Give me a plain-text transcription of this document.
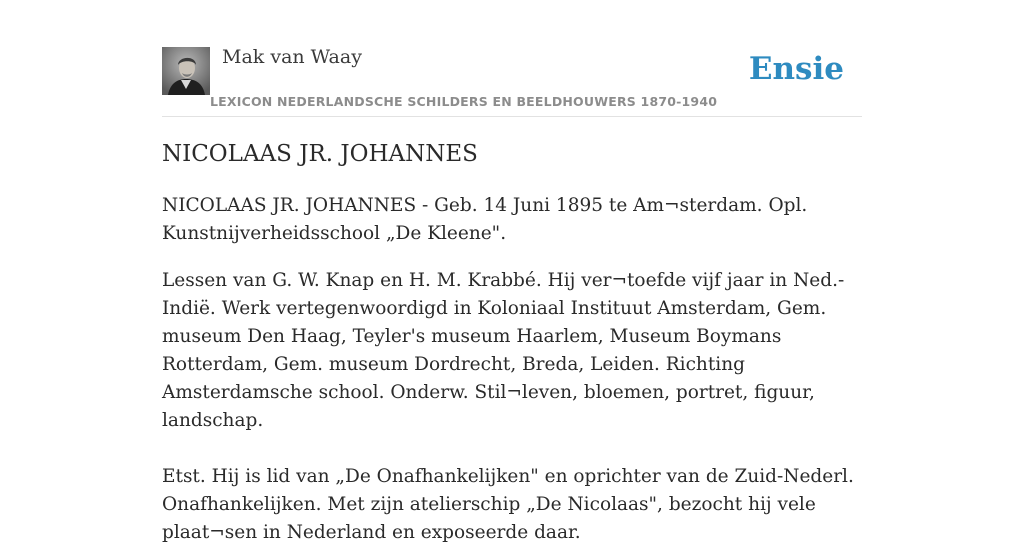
Mak van Waay
LEXICON NEDERLANDSCHE SCHILDERS EN BEELDHOUWERS 1870-1940
Ensie
NICOLAAS JR. JOHANNES

NICOLAAS JR. JOHANNES - Geb. 14 Juni 1895 te Am¬sterdam. Opl. Kunstnijverheidsschool „De Kleene".

Lessen van G. W. Knap en H. M. Krabbé. Hij ver¬toefde vijf jaar in Ned.-Indië. Werk vertegenwoordigd in Koloniaal Instituut Amsterdam, Gem. museum Den Haag, Teyler's museum Haarlem, Museum Boymans Rotterdam, Gem. museum Dordrecht, Breda, Leiden. Richting Amsterdamsche school. Onderw. Stil¬leven, bloemen, portret, figuur, landschap.

Etst. Hij is lid van „De Onafhankelijken" en oprichter van de Zuid-Nederl. Onafhankelijken. Met zijn atelierschip „De Nicolaas", bezocht hij vele plaat¬sen in Nederland en exposeerde daar.
